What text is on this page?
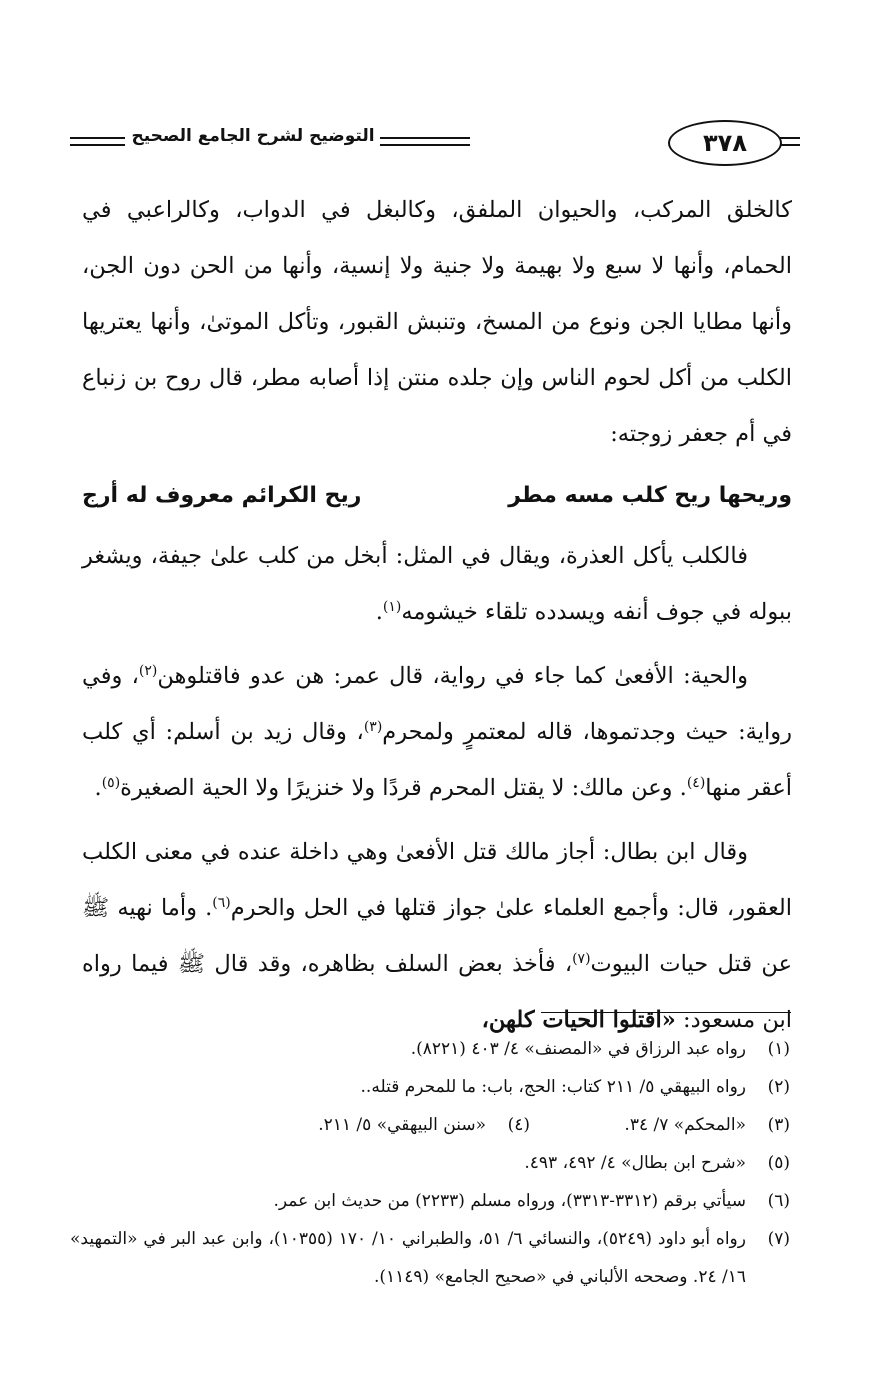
٣٧٨
التوضيح لشرح الجامع الصحيح

كالخلق المركب، والحيوان الملفق، وكالبغل في الدواب، وكالراعبي في الحمام، وأنها لا سبع ولا بهيمة ولا جنية ولا إنسية، وأنها من الحن دون الجن، وأنها مطايا الجن ونوع من المسخ، وتنبش القبور، وتأكل الموتىٰ، وأنها يعتريها الكلب من أكل لحوم الناس وإن جلده منتن إذا أصابه مطر، قال روح بن زنباع في أم جعفر زوجته:

وريحها ريح كلب مسه مطر
ريح الكرائم معروف له أرج

فالكلب يأكل العذرة، ويقال في المثل: أبخل من كلب علىٰ جيفة، ويشغر ببوله في جوف أنفه ويسدده تلقاء خيشومه$^{(١)}$.

والحية: الأفعىٰ كما جاء في رواية، قال عمر: هن عدو فاقتلوهن$^{(٢)}$، وفي رواية: حيث وجدتموها، قاله لمعتمرٍ ولمحرم$^{(٣)}$، وقال زيد بن أسلم: أي كلب أعقر منها$^{(٤)}$. وعن مالك: لا يقتل المحرم قردًا ولا خنزيرًا ولا الحية الصغيرة$^{(٥)}$.

وقال ابن بطال: أجاز مالك قتل الأفعىٰ وهي داخلة عنده في معنى الكلب العقور، قال: وأجمع العلماء علىٰ جواز قتلها في الحل والحرم$^{(٦)}$. وأما نهيه ﷺ عن قتل حيات البيوت$^{(٧)}$، فأخذ بعض السلف بظاهره، وقد قال ﷺ فيما رواه ابن مسعود: «اقتلوا الحيات كلهن،

(١)
رواه عبد الرزاق في «المصنف» ٤/ ٤٠٣ (٨٢٢١).
(٢)
رواه البيهقي ٥/ ٢١١ كتاب: الحج، باب: ما للمحرم قتله..
(٣)
«المحكم» ٧/ ٣٤.
(٤)
«سنن البيهقي» ٥/ ٢١١.
(٥)
«شرح ابن بطال» ٤/ ٤٩٢، ٤٩٣.
(٦)
سيأتي برقم (٣٣١٢-٣٣١٣)، ورواه مسلم (٢٢٣٣) من حديث ابن عمر.
(٧)
رواه أبو داود (٥٢٤٩)، والنسائي ٦/ ٥١، والطبراني ١٠/ ١٧٠ (١٠٣٥٥)، وابن عبد البر في «التمهيد» ١٦/ ٢٤. وصححه الألباني في «صحيح الجامع» (١١٤٩).
